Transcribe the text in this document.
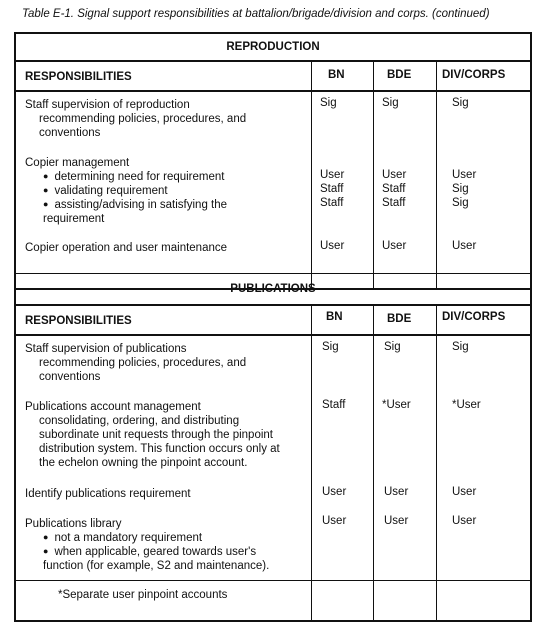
Table E-1. Signal support responsibilities at battalion/brigade/division and corps. (continued)
REPRODUCTION
RESPONSIBILITIES	BN	BDE	DIV/CORPS
Staff supervision of reproduction
recommending policies, procedures, and
conventions
Sig	Sig	Sig
Copier management
● determining need for requirement	User	User	User
● validating requirement	Staff	Staff	Sig
● assisting/advising in satisfying the
requirement
Staff	Staff	Sig
Copier operation and user maintenance	User	User	User
PUBLICATIONS
RESPONSIBILITIES	BN	BDE	DIV/CORPS
Staff supervision of publications
recommending policies, procedures, and
conventions
Sig	Sig	Sig
Publications account management
consolidating, ordering, and distributing
subordinate unit requests through the pinpoint
distribution system. This function occurs only at
the echelon owning the pinpoint account.
Staff	*User	*User
Identify publications requirement	User	User	User
Publications library	User	User	User
● not a mandatory requirement
● when applicable, geared towards user's
function (for example, S2 and maintenance).
*Separate user pinpoint accounts
